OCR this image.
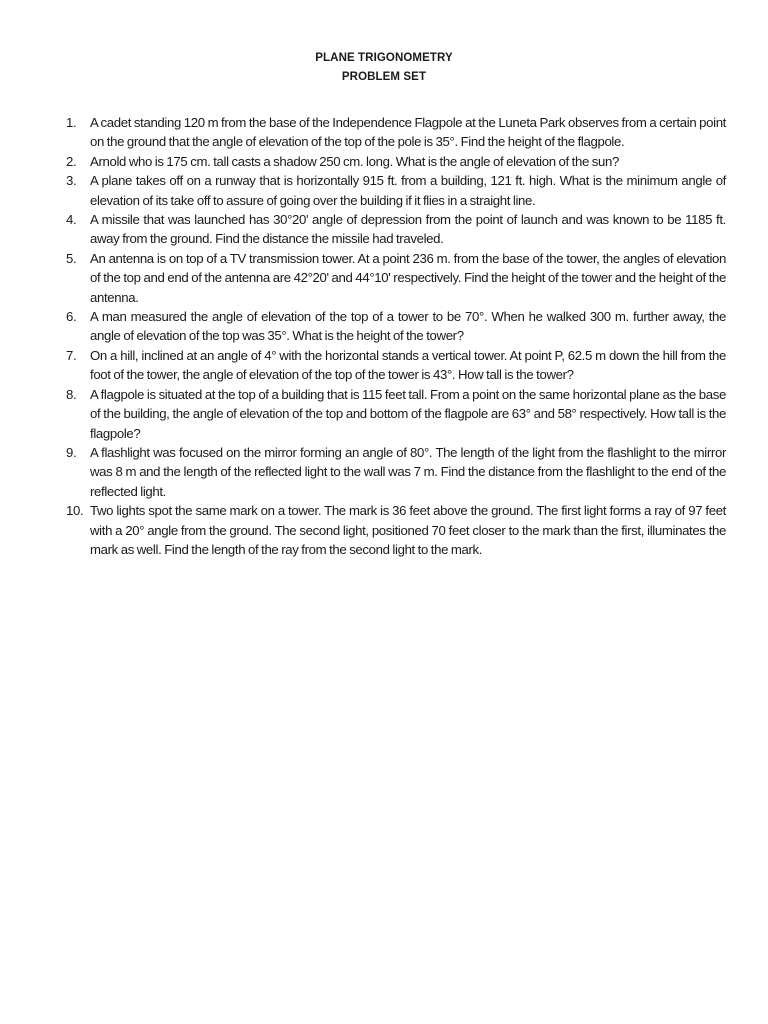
PLANE TRIGONOMETRY
PROBLEM SET
1.	A cadet standing 120 m from the base of the Independence Flagpole at the Luneta Park observes from a certain point on the ground that the angle of elevation of the top of the pole is 35°. Find the height of the flagpole.
2.	Arnold who is 175 cm. tall casts a shadow 250 cm. long. What is the angle of elevation of the sun?
3.	A plane takes off on a runway that is horizontally 915 ft. from a building, 121 ft. high. What is the minimum angle of elevation of its take off to assure of going over the building if it flies in a straight line.
4.	A missile that was launched has 30°20' angle of depression from the point of launch and was known to be 1185 ft. away from the ground. Find the distance the missile had traveled.
5.	An antenna is on top of a TV transmission tower. At a point 236 m. from the base of the tower, the angles of elevation of the top and end of the antenna are 42°20' and 44°10' respectively. Find the height of the tower and the height of the antenna.
6.	A man measured the angle of elevation of the top of a tower to be 70°. When he walked 300 m. further away, the angle of elevation of the top was 35°. What is the height of the tower?
7.	On a hill, inclined at an angle of 4° with the horizontal stands a vertical tower. At point P, 62.5 m down the hill from the foot of the tower, the angle of elevation of the top of the tower is 43°. How tall is the tower?
8.	A flagpole is situated at the top of a building that is 115 feet tall. From a point on the same horizontal plane as the base of the building, the angle of elevation of the top and bottom of the flagpole are 63° and 58° respectively. How tall is the flagpole?
9.	A flashlight was focused on the mirror forming an angle of 80°. The length of the light from the flashlight to the mirror was 8 m and the length of the reflected light to the wall was 7 m. Find the distance from the flashlight to the end of the reflected light.
10. Two lights spot the same mark on a tower. The mark is 36 feet above the ground. The first light forms a ray of 97 feet with a 20° angle from the ground. The second light, positioned 70 feet closer to the mark than the first, illuminates the mark as well. Find the length of the ray from the second light to the mark.
